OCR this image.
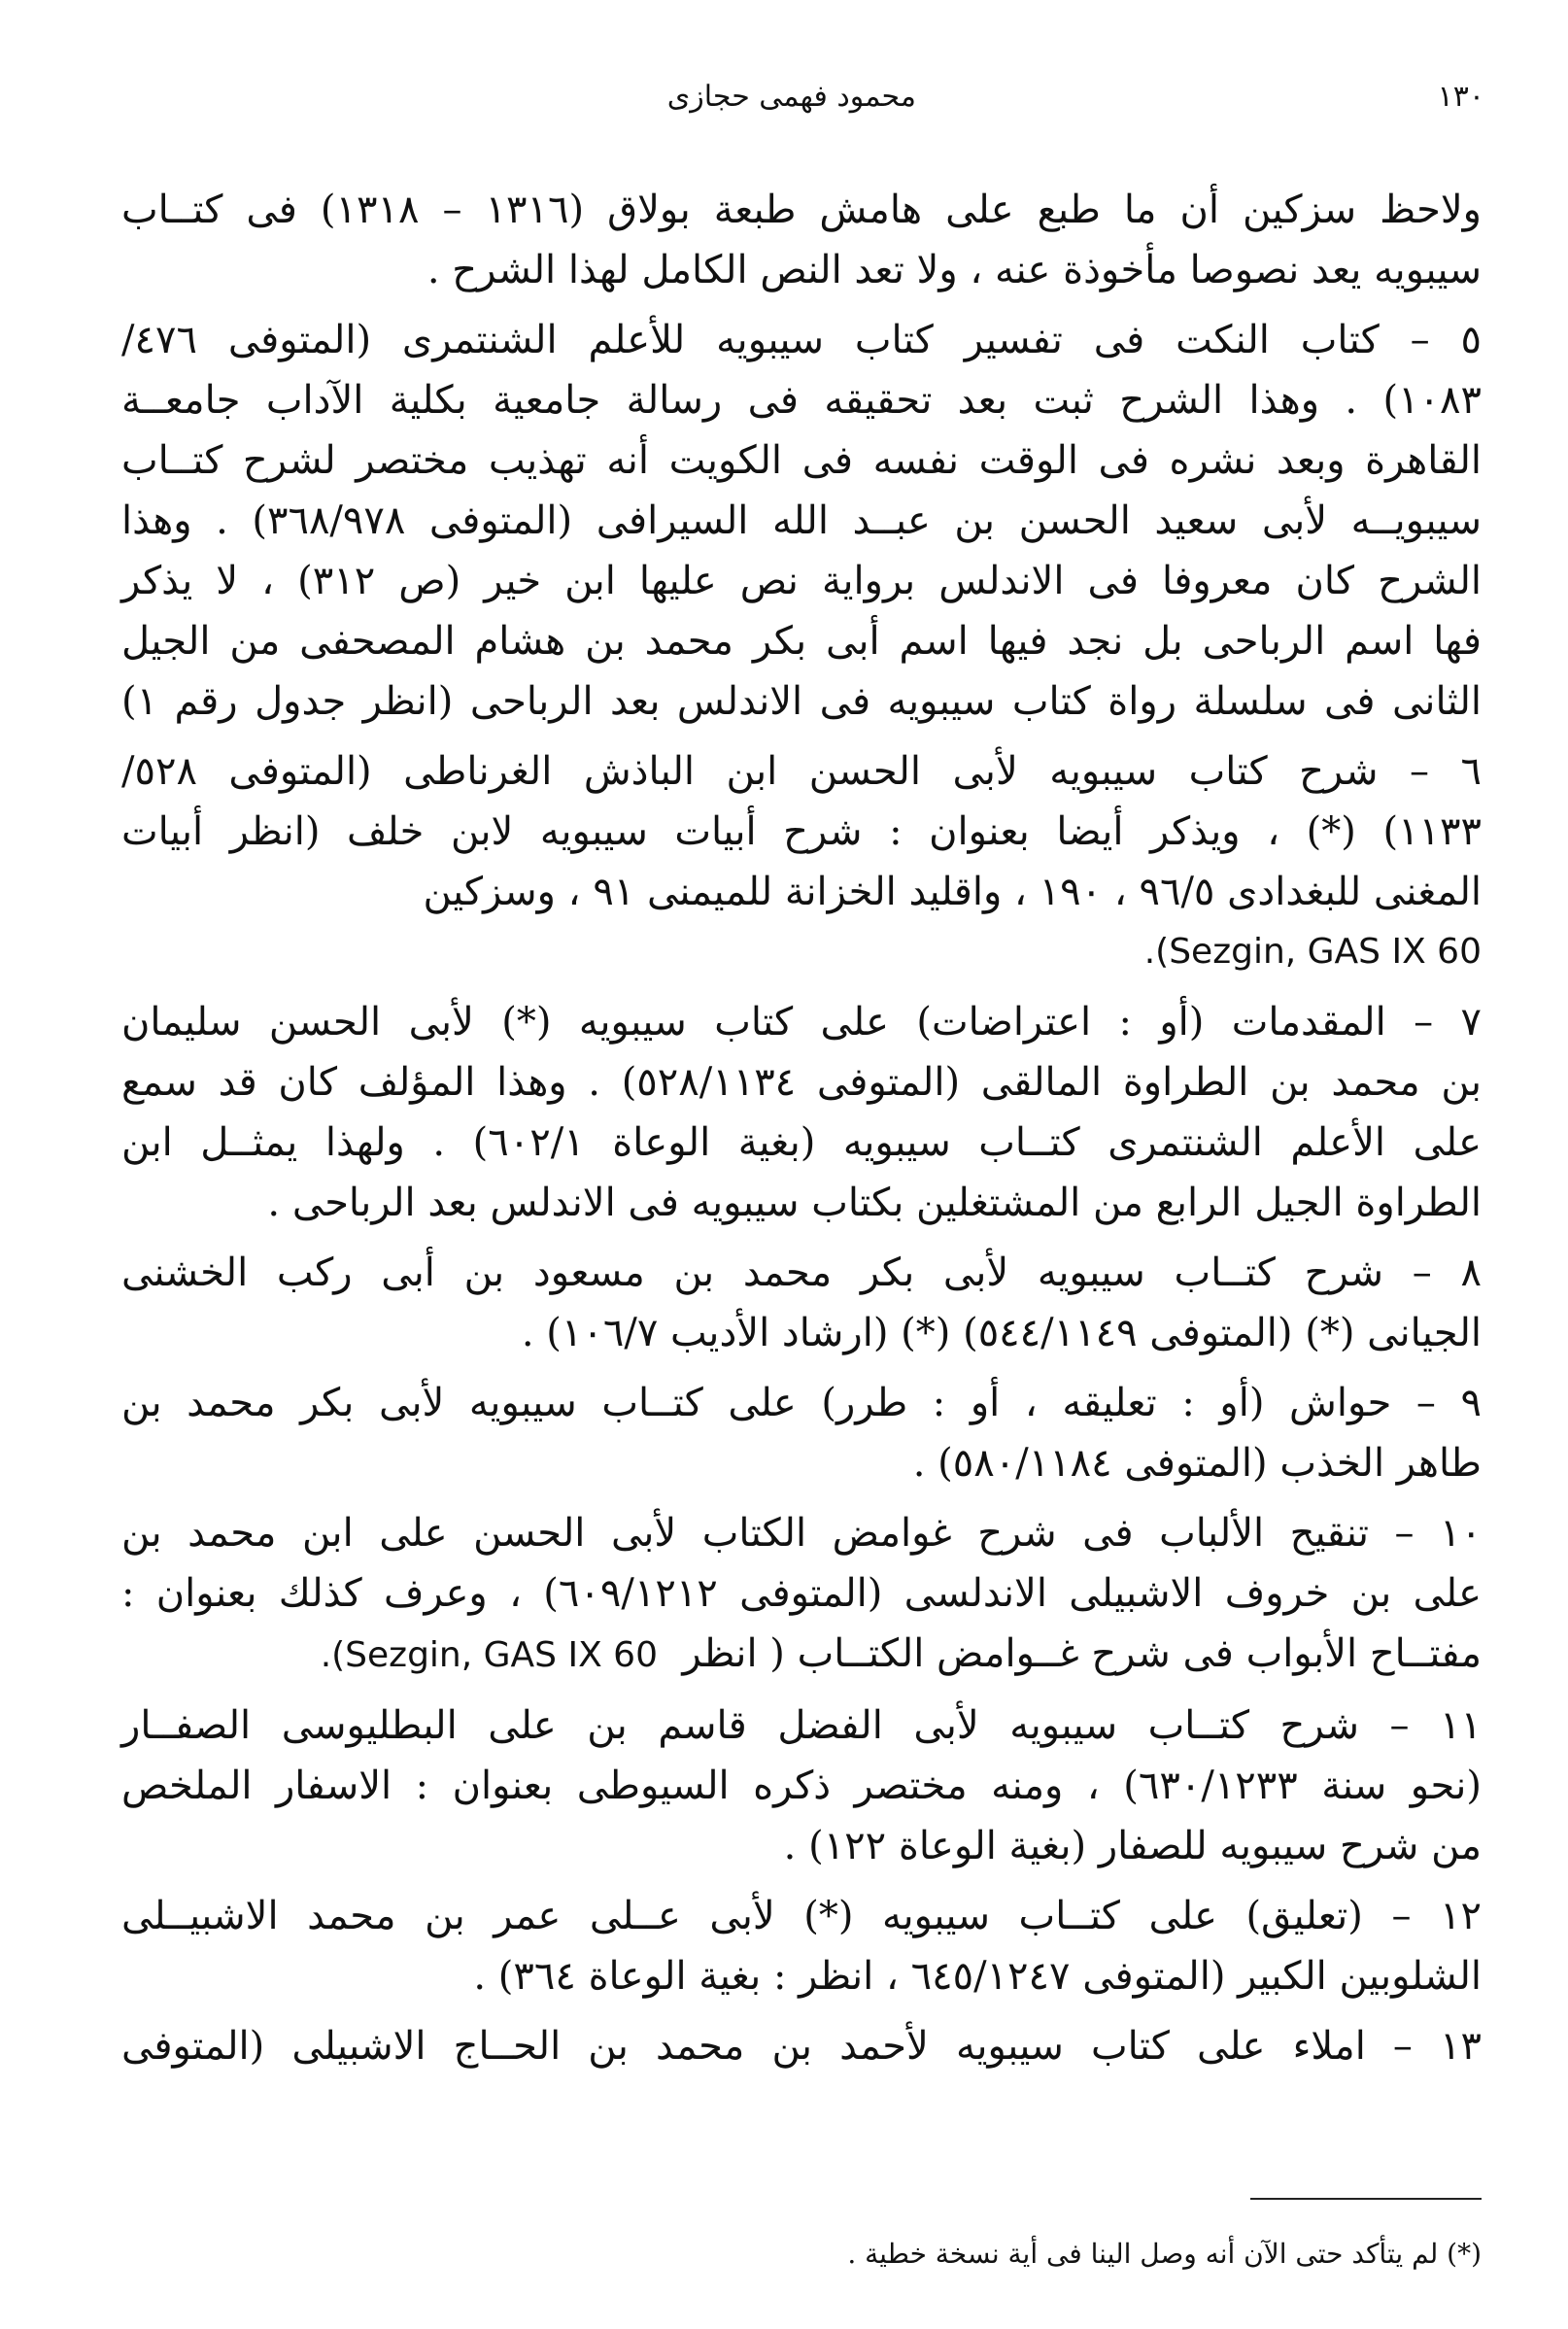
١٣٠
محمود فهمى حجازى
ولاحظ سزكين أن ما طبع على هامش طبعة بولاق (١٣١٦ – ١٣١٨) فى كتــاب
سيبويه يعد نصوصا مأخوذة عنه ، ولا تعد النص الكامل لهذا الشرح .
٥ – كتاب النكت فى تفسير كتاب سيبويه للأعلم الشنتمرى (المتوفى ٤٧٦/
١٠٨٣) . وهذا الشرح ثبت بعد تحقيقه فى رسالة جامعية بكلية الآداب جامعــة
القاهرة وبعد نشره فى الوقت نفسه فى الكويت أنه تهذيب مختصر لشرح كتــاب
سيبويــه لأبى سعيد الحسن بن عبــد الله السيرافى (المتوفى ٣٦٨/٩٧٨) . وهذا
الشرح كان معروفا فى الاندلس برواية نص عليها ابن خير (ص ٣١٢) ، لا يذكر
فها اسم الرباحى بل نجد فيها اسم أبى بكر محمد بن هشام المصحفى من الجيل
الثانى فى سلسلة رواة كتاب سيبويه فى الاندلس بعد الرباحى (انظر جدول رقم ١)
٦ – شرح كتاب سيبويه لأبى الحسن ابن الباذش الغرناطى (المتوفى ٥٢٨/
١١٣٣) (*) ، ويذكر أيضا بعنوان : شرح أبيات سيبويه لابن خلف (انظر أبيات
المغنى للبغدادى ٩٦/٥ ، ١٩٠ ، واقليد الخزانة للميمنى ٩١ ، وسزكين
.(Sezgin, GAS IX 60
٧ – المقدمات (أو : اعتراضات) على كتاب سيبويه (*) لأبى الحسن سليمان
بن محمد بن الطراوة المالقى (المتوفى ٥٢٨/١١٣٤) . وهذا المؤلف كان قد سمع
على الأعلم الشنتمرى كتــاب سيبويه (بغية الوعاة ٦٠٢/١) . ولهذا يمثــل ابن
الطراوة الجيل الرابع من المشتغلين بكتاب سيبويه فى الاندلس بعد الرباحى .
٨ – شرح كتــاب سيبويه لأبى بكر محمد بن مسعود بن أبى ركب الخشنى
الجيانى (*) (المتوفى ٥٤٤/١١٤٩) (*) (ارشاد الأديب ١٠٦/٧) .
٩ – حواش (أو : تعليقه ، أو : طرر) على كتــاب سيبويه لأبى بكر محمد بن
طاهر الخذب (المتوفى ٥٨٠/١١٨٤) .
١٠ – تنقيح الألباب فى شرح غوامض الكتاب لأبى الحسن على ابن محمد بن
على بن خروف الاشبيلى الاندلسى (المتوفى ٦٠٩/١٢١٢) ، وعرف كذلك بعنوان :
مفتــاح الأبواب فى شرح غــوامض الكتــاب ( انظر  .(Sezgin, GAS IX 60
١١ – شرح كتــاب سيبويه لأبى الفضل قاسم بن على البطليوسى الصفــار
(نحو سنة ٦٣٠/١٢٣٣) ، ومنه مختصر ذكره السيوطى بعنوان : الاسفار الملخص
من شرح سيبويه للصفار (بغية الوعاة ١٢٢) .
١٢ – (تعليق) على كتــاب سيبويه (*) لأبى عــلى عمر بن محمد الاشبيــلى
الشلوبين الكبير (المتوفى ٦٤٥/١٢٤٧ ، انظر : بغية الوعاة ٣٦٤) .
١٣ – املاء على كتاب سيبويه لأحمد بن محمد بن الحــاج الاشبيلى (المتوفى
(*) لم يتأكد حتى الآن أنه وصل الينا فى أية نسخة خطية .
